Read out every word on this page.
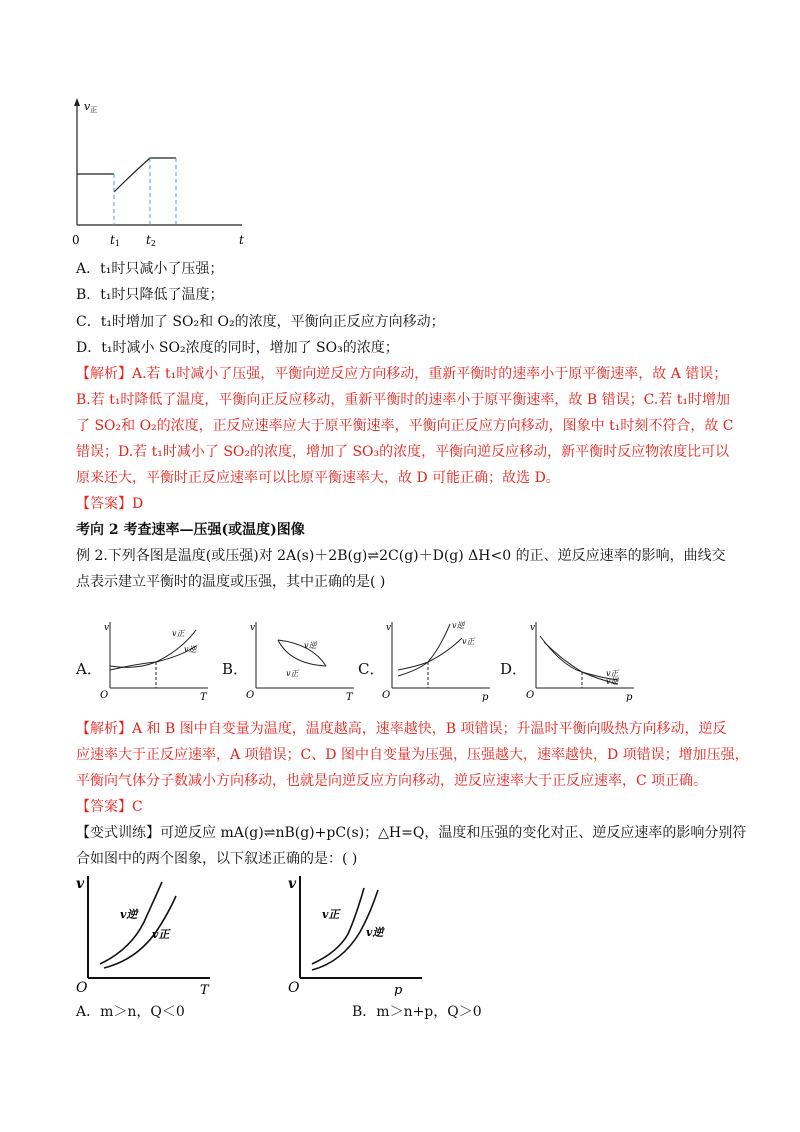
v正
0	t1 t2	t
A．t₁时只减小了压强；
B．t₁时只降低了温度；
C．t₁时增加了 SO₂和 O₂的浓度，平衡向正反应方向移动；
D．t₁时减小 SO₂浓度的同时，增加了 SO₃的浓度；
【解析】A.若 t₁时减小了压强，平衡向逆反应方向移动，重新平衡时的速率小于原平衡速率，故 A 错误；
B.若 t₁时降低了温度，平衡向正反应移动，重新平衡时的速率小于原平衡速率，故 B 错误；C.若 t₁时增加
了 SO₂和 O₂的浓度，正反应速率应大于原平衡速率，平衡向正反应方向移动，图象中 t₁时刻不符合，故 C
错误；D.若 t₁时减小了 SO₂的浓度，增加了 SO₃的浓度，平衡向逆反应移动，新平衡时反应物浓度比可以
原来还大，平衡时正反应速率可以比原平衡速率大，故 D 可能正确；故选 D。
【答案】D
考向 2 考查速率—压强(或温度)图像
例 2.下列各图是温度(或压强)对 2A(s)＋2B(g)⇌2C(g)＋D(g) ΔH<0 的正、逆反应速率的影响，曲线交
点表示建立平衡时的温度或压强，其中正确的是( )
A．
v
O	T
v正
v逆
B．
v
O	T
v逆
v正	C．
v
O	p
v逆
v正
D．
v
O	p
v正
v逆
【解析】A 和 B 图中自变量为温度，温度越高，速率越快，B 项错误；升温时平衡向吸热方向移动，逆反
应速率大于正反应速率，A 项错误；C、D 图中自变量为压强，压强越大，速率越快，D 项错误；增加压强，
平衡向气体分子数减小方向移动，也就是向逆反应方向移动，逆反应速率大于正反应速率，C 项正确。
【答案】C
【变式训练】可逆反应 mA(g)⇌nB(g)+pC(s)；△H=Q，温度和压强的变化对正、逆反应速率的影响分别符
合如图中的两个图象，以下叙述正确的是：( )
v
O	T
v逆
v正
v
O	p
v正
v逆
A．m＞n，Q＜0	B．m＞n+p，Q＞0
